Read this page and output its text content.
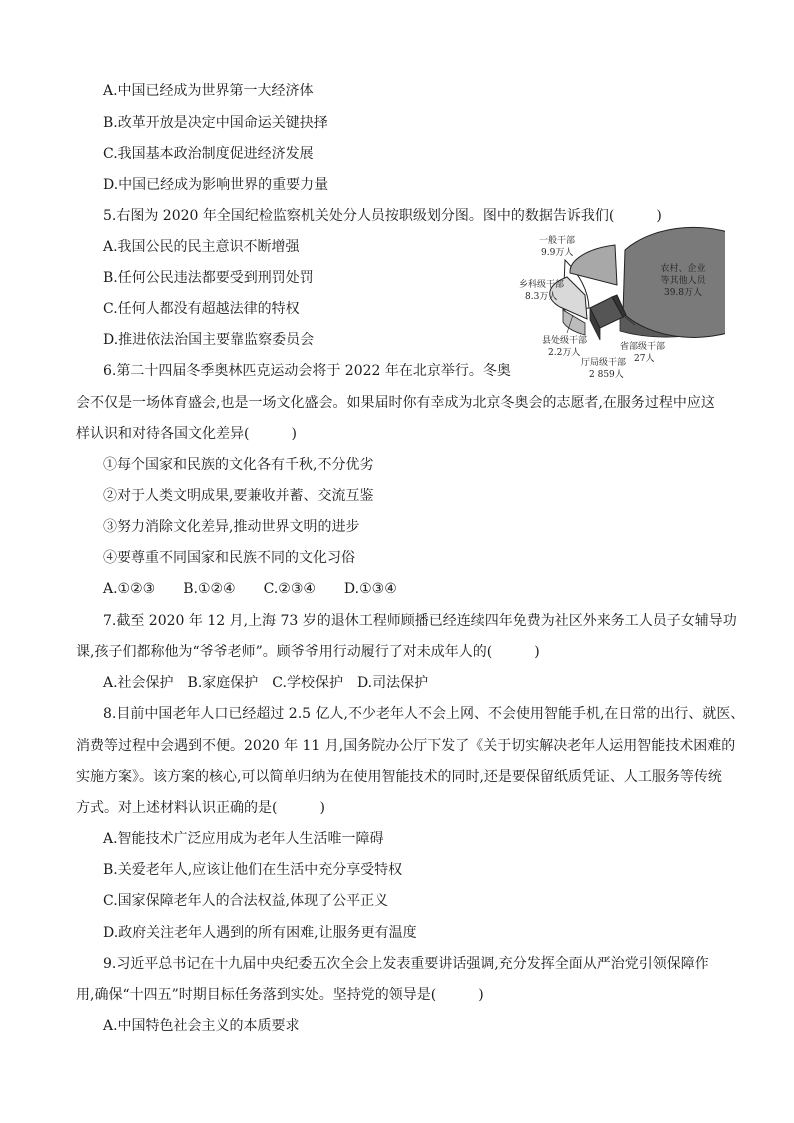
A.中国已经成为世界第一大经济体
B.改革开放是决定中国命运关键抉择
C.我国基本政治制度促进经济发展
D.中国已经成为影响世界的重要力量
5.右图为 2020 年全国纪检监察机关处分人员按职级划分图。图中的数据告诉我们(　　　)
A.我国公民的民主意识不断增强
B.任何公民违法都要受到刑罚处罚
C.任何人都没有超越法律的特权
D.推进依法治国主要靠监察委员会
农村、企业
等其他人员
39.8万人
省部级干部
27人
厅局级干部
2 859人
县处级干部
2.2万人
乡科级干部
8.3万人
一般干部
9.9万人
6.第二十四届冬季奥林匹克运动会将于 2022 年在北京举行。冬奥
会不仅是一场体育盛会,也是一场文化盛会。如果届时你有幸成为北京冬奥会的志愿者,在服务过程中应这
样认识和对待各国文化差异(　　　)
①每个国家和民族的文化各有千秋,不分优劣
②对于人类文明成果,要兼收并蓄、交流互鉴
③努力消除文化差异,推动世界文明的进步
④要尊重不同国家和民族不同的文化习俗
A.①②③　　B.①②④　　C.②③④　　D.①③④
7.截至 2020 年 12 月,上海 73 岁的退休工程师顾播已经连续四年免费为社区外来务工人员子女辅导功
课,孩子们都称他为“爷爷老师”。顾爷爷用行动履行了对未成年人的(　　　)
A.社会保护　B.家庭保护　C.学校保护　D.司法保护
8.目前中国老年人口已经超过 2.5 亿人,不少老年人不会上网、不会使用智能手机,在日常的出行、就医、
消费等过程中会遇到不便。2020 年 11 月,国务院办公厅下发了《关于切实解决老年人运用智能技术困难的
实施方案》。该方案的核心,可以简单归纳为在使用智能技术的同时,还是要保留纸质凭证、人工服务等传统
方式。对上述材料认识正确的是(　　　)
A.智能技术广泛应用成为老年人生活唯一障碍
B.关爱老年人,应该让他们在生活中充分享受特权
C.国家保障老年人的合法权益,体现了公平正义
D.政府关注老年人遇到的所有困难,让服务更有温度
9.习近平总书记在十九届中央纪委五次全会上发表重要讲话强调,充分发挥全面从严治党引领保障作
用,确保“十四五”时期目标任务落到实处。坚持党的领导是(　　　)
A.中国特色社会主义的本质要求
